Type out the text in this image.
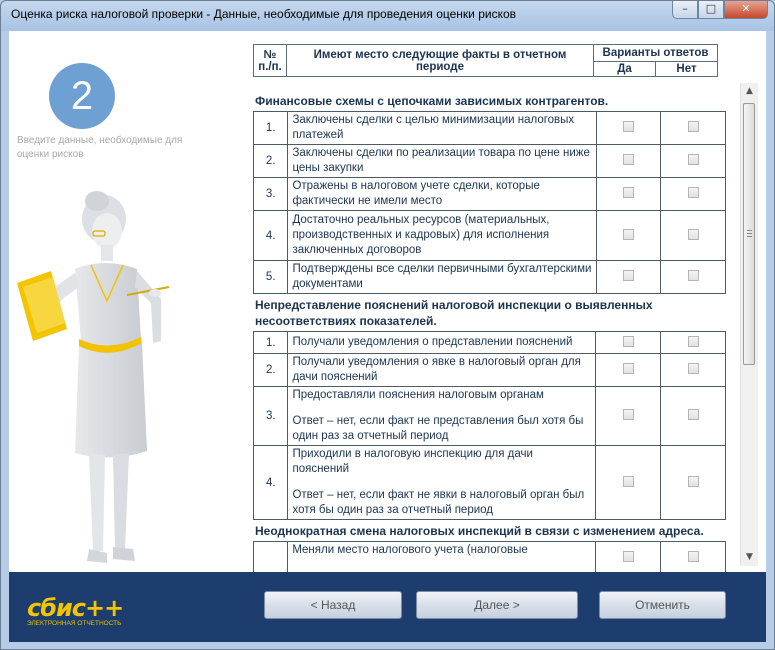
Оценка риска налоговой проверки - Данные, необходимые для проведения оценки рисков	–	□	✕
2
Введите данные, необходимые для оценки рисков
№ п./п.	Имеют место следующие факты в отчетном периоде	Варианты ответов	
		Да	Нет
Финансовые схемы с цепочками зависимых контрагентов.
1.	Заключены сделки с целью минимизации налоговых платежей		
2.	Заключены сделки по реализации товара по цене ниже цены закупки		
3.	Отражены в налоговом учете сделки, которые фактически не имели место		
4.	Достаточно реальных ресурсов (материальных, производственных и кадровых) для исполнения заключенных договоров		
5.	Подтверждены все сделки первичными бухгалтерскими документами		
Непредставление пояснений налоговой инспекции о выявленных несоответствиях показателей.
1.	Получали уведомления о представлении пояснений		
2.	Получали уведомления о явке в налоговый орган для дачи пояснений		
3.	Предоставляли пояснения налоговым органам
Ответ – нет, если факт не представления был хотя бы один раз за отчетный период		

4.	Приходили в налоговую инспекцию для дачи пояснений
Ответ – нет, если факт не явки в налоговый орган был хотя бы один раз за отчетный период		

Неоднократная смена налоговых инспекций в связи с изменением адреса.
	Меняли место налогового учета (налоговые		
▲
▼
сбис++
ЭЛЕКТРОННАЯ ОТЧЕТНОСТЬ
< Назад	Далее >	Отменить
